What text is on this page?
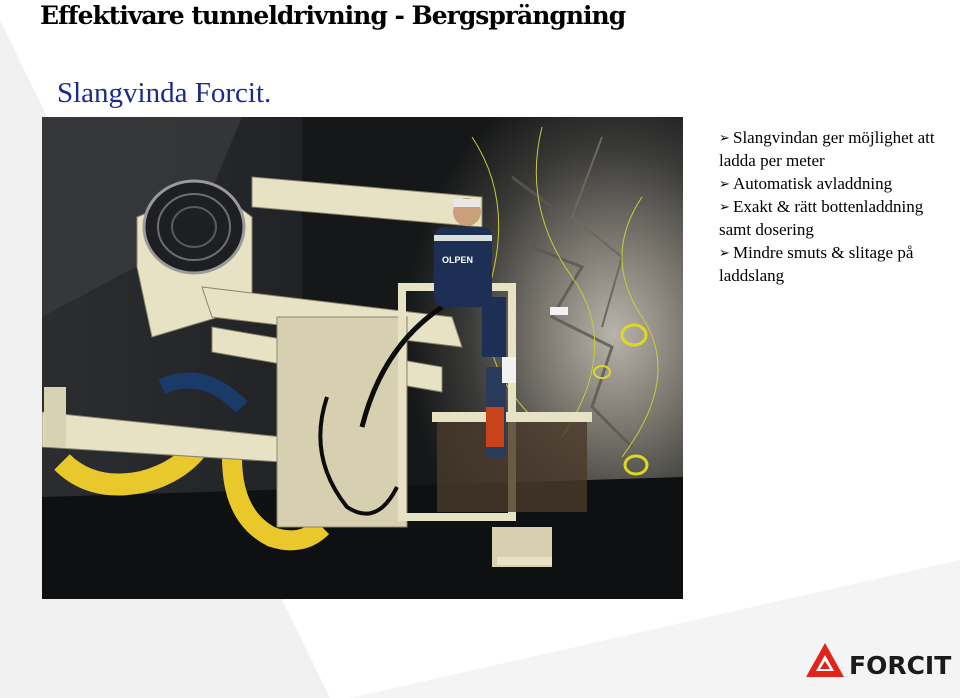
Effektivare tunneldrivning - Bergsprängning
Slangvinda Forcit.
OLPEN
➢ Slangvindan ger möjlighet att ladda per meter
➢ Automatisk avladdning
➢ Exakt & rätt bottenladdning samt dosering
➢ Mindre smuts & slitage på laddslang
FORCIT
